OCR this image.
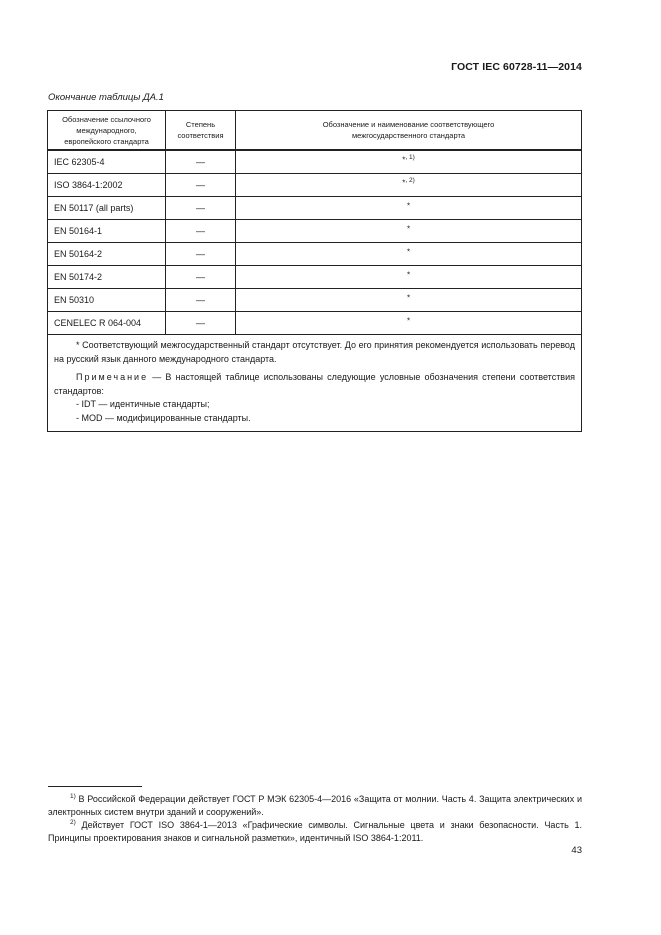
ГОСТ IEC 60728-11—2014
Окончание таблицы ДА.1
Обозначение ссылочного международного, европейского стандарта	Степень соответствия	Обозначение и наименование соответствующего межгосударственного стандарта
IEC 62305-4	—	*$^{, 1)}$
ISO 3864-1:2002	—	*$^{, 2)}$
EN 50117 (all parts)	—	*
EN 50164-1	—	*
EN 50164-2	—	*
EN 50174-2	—	*
EN 50310	—	*
CENELEC R 064-004	—	*

* Соответствующий межгосударственный стандарт отсутствует. До его принятия рекомендуется использовать перевод на русский язык данного международного стандарта.

Примечание — В настоящей таблице использованы следующие условные обозначения степени соответствия стандартов:

- IDT — идентичные стандарты;
- MOD — модифицированные стандарты.		
$^{1)}$ В Российской Федерации действует ГОСТ Р МЭК 62305-4—2016 «Защита от молнии. Часть 4. Защита электрических и электронных систем внутри зданий и сооружений».
$^{2)}$ Действует ГОСТ ISO 3864-1—2013 «Графические символы. Сигнальные цвета и знаки безопасности. Часть 1. Принципы проектирования знаков и сигнальной разметки», идентичный ISO 3864-1:2011.
43
